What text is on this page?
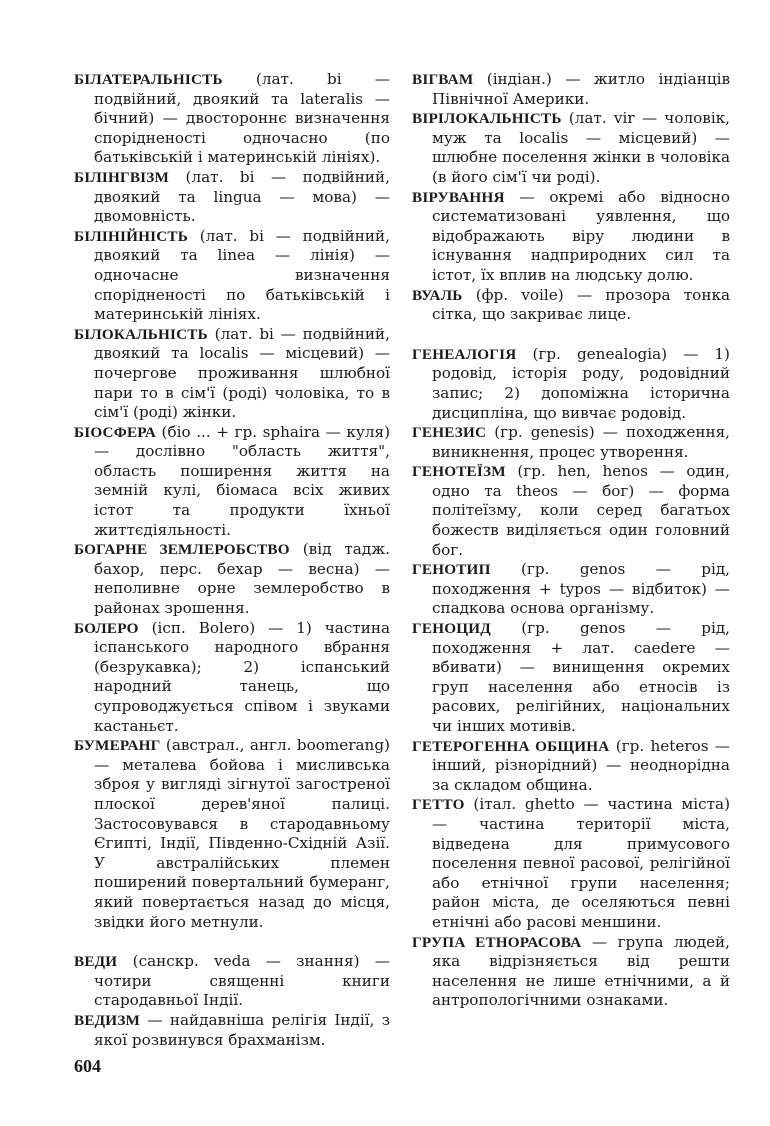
БІЛАТЕРАЛЬНІСТЬ (лат. bi — подвійний, двоякий та lateralis — бічний) — двостороннє визначення спорідненості одночасно (по батьківській і материнській лініях).

БІЛІНГВІЗМ (лат. bi — подвійний, двоякий та lingua — мова) — двомовність.

БІЛІНІЙНІСТЬ (лат. bi — подвійний, двоякий та linea — лінія) — одночасне визначення спорідненості по батьківській і материнській лініях.

БІЛОКАЛЬНІСТЬ (лат. bi — подвійний, двоякий та localis — місцевий) — почергове проживання шлюбної пари то в сім'ї (роді) чоловіка, то в сім'ї (роді) жінки.

БІОСФЕРА (біо ... + гр. sphaira — куля) — дослівно "область життя", область поширення життя на земній кулі, біомаса всіх живих істот та продукти їхньої життєдіяльності.

БОГАРНЕ ЗЕМЛЕРОБСТВО (від тадж. бахор, перс. бехар — весна) — неполивне орне землеробство в районах зрошення.

БОЛЕРО (ісп. Bolero) — 1) частина іспанського народного вбрання (безрукавка); 2) іспанський народний танець, що супроводжується співом і звуками кастаньєт.

БУМЕРАНГ (австрал., англ. boomerang) — металева бойова і мисливська зброя у вигляді зігнутої загостреної плоскої дерев'яної палиці. Застосовувався в стародавньому Єгипті, Індії, Південно-Східній Азії. У австралійських племен поширений повертальний бумеранг, який повертається назад до місця, звідки його метнули.

ВЕДИ (санскр. veda — знання) — чотири священні книги стародавньої Індії.

ВЕДИЗМ — найдавніша релігія Індії, з якої розвинувся брахманізм.

ВІГВАМ (індіан.) — житло індіанців Північної Америки.

ВІРІЛОКАЛЬНІСТЬ (лат. vir — чоловік, муж та localis — місцевий) — шлюбне поселення жінки в чоловіка (в його сім'ї чи роді).

ВІРУВАННЯ — окремі або відносно систематизовані уявлення, що відображають віру людини в існування надприродних сил та істот, їх вплив на людську долю.

ВУАЛЬ (фр. voile) — прозора тонка сітка, що закриває лице.

ГЕНЕАЛОГІЯ (гр. genealogia) — 1) родовід, історія роду, родовідний запис; 2) допоміжна історична дисципліна, що вивчає родовід.

ГЕНЕЗИС (гр. genesis) — походження, виникнення, процес утворення.

ГЕНОТЕЇЗМ (гр. hen, henos — один, одно та theos — бог) — форма політеїзму, коли серед багатьох божеств виділяється один головний бог.

ГЕНОТИП (гр. genos — рід, походження + typos — відбиток) — спадкова основа організму.

ГЕНОЦИД (гр. genos — рід, походження + лат. caedere — вбивати) — винищення окремих груп населення або етносів із расових, релігійних, національних чи інших мотивів.

ГЕТЕРОГЕННА ОБЩИНА (гр. heteros — інший, різнорідний) — неоднорідна за складом община.

ГЕТТО (італ. ghetto — частина міста) — частина території міста, відведена для примусового поселення певної расової, релігійної або етнічної групи населення; район міста, де оселяються певні етнічні або расові меншини.

ГРУПА ЕТНОРАСОВА — група людей, яка відрізняється від решти населення не лише етнічними, а й антропологічними ознаками.

604
